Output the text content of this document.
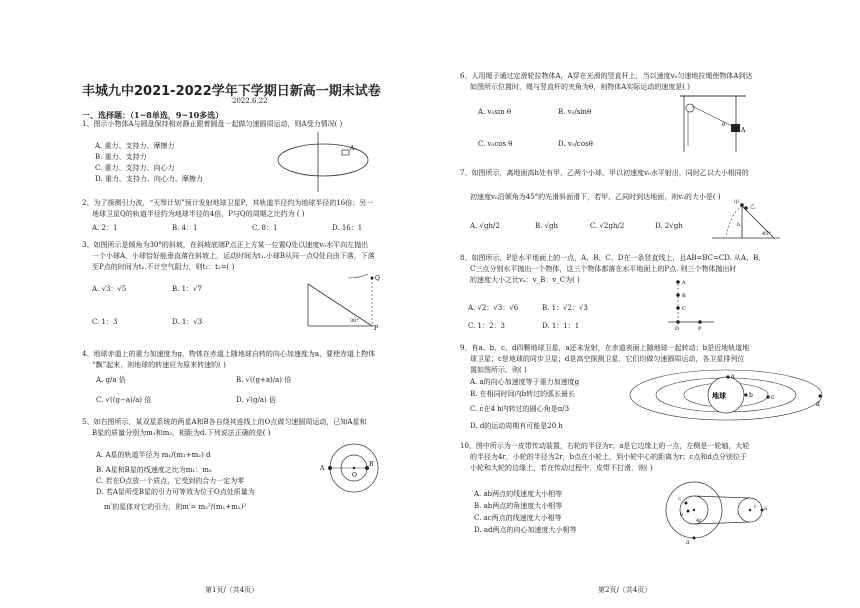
丰城九中2021-2022学年下学期日新高一期末试卷
2022.6.22
一、选择题：（1~8单选，9~10多选）
1、图示小物体A与圆盘保持相对静止跟着圆盘一起做匀速圆周运动，则A受力情况( )
A. 重力、支持力、摩擦力
B. 重力、支持力
C. 重力、支持力、向心力
D. 重力、支持力、向心力、摩擦力
A
2、为了探测引力波，“天琴计划”预计发射地球卫星P，其轨道半径约为地球半径的16倍；另一
地球卫星Q的轨道半径约为地球半径的4倍，P与Q的周期之比约为 ( )
A. 2：1	B. 4：1	C. 8：1	D. 16：1
3、如图所示是倾角为30°的斜坡，在斜坡底端P点正上方某一位置Q处以速度v₀水平向左抛出
一个小球A，小球恰好能垂直落在斜坡上，运动时间为t₁.小球B从同一点Q处自由下落，下落
至P点的时间为t₂.不计空气阻力，则t₁：t₂=( )
A. √3：√5	B. 1：√7
C. 1：3	D. 1：√3
Q
P
30°
4、地球赤道上的重力加速度为g，物体在赤道上随地球自转的向心加速度为a，要使赤道上物体
“飘”起来，则地球的转速应为原来转速的( )
A. g/a 倍	B. √((g+a)/a) 倍
C. √((g−a)/a) 倍	D. √(g/a) 倍
5、如右图所示，某双星系统的两星A和B各自绕其连线上的O点做匀速圆周运动，已知A星和
B星的质量分别为m₁和m₂，相距为d.下列说法正确的是( )
A. A星的轨道半径为 m₁/(m₁+m₂) d
B. A星和B星的线速度之比为m₁：m₂
C. 若在O点放一个质点，它受到的合力一定为零
D. 若A星所受B星的引力可等效为位于O点处质量为
m′的星体对它的引力，则m′= m₂³/(m₁+m₂)²
A
O
B
第1页/（共4页）
6、人用绳子通过定滑轮拉物体A，A穿在光滑的竖直杆上，当以速度v₀匀速地拉绳使物体A到达
如图所示位置时，绳与竖直杆的夹角为θ，则物体A实际运动的速度是( )
A. v₀sin θ	B. v₀/sinθ
C. v₀cos θ	D. v₀/cosθ
A
θ
7、如图所示，离地面高h处有甲、乙两个小球，甲以初速度v₀水平射出，同时乙以大小相同的
初速度v₀沿倾角为45°的光滑斜面滑下，若甲、乙同时到达地面，则v₀的大小是( )
A. √gh/2	B. √gh	C. √2gh/2	D. 2√gh
甲
乙
h
45°
8、如图所示，P是水平地面上的一点，A、B、C、D在一条竖直线上，且AB=BC=CD. 从A、B、
C三点分别水平抛出一个物体，这三个物体都落在水平地面上的P点. 则三个物体抛出时
的速度大小之比vₐ：v_B：v_C为( )
A. √2：√3：√6	B. 1：√2：√3
C. 1：2：3	D. 1：1：1
A
B
C
D	P
9、有a、b、c、d四颗地球卫星，a还未发射，在赤道表面上随地球一起转动；b是近地轨道地
球卫星；c是地球的同步卫星；d是高空探测卫星．它们均做匀速圆周运动，各卫星排列位
置如图所示，则( )
A. a的向心加速度等于重力加速度g
B. 在相同时间内b转过的弧长最长
C. c在4 h内转过的圆心角是π/3
D. d的运动周期有可能是20 h
地球
a
b	c
d
10、图中所示为一皮带传动装置，右轮的半径为r，a是它边缘上的一点，左侧是一轮轴，大轮
的半径为4r，小轮的半径为2r，b点在小轮上，到小轮中心的距离为r；c点和d点分别位于
小轮和大轮的边缘上，若在传动过程中，皮带不打滑，则( )
A. ab两点的线速度大小相等
B. ab两点的角速度大小相等
C. ac两点的线速度大小相等
D. ad两点的向心加速度大小相等
c
b
d
a
4r
r
第2页/（共4页）
